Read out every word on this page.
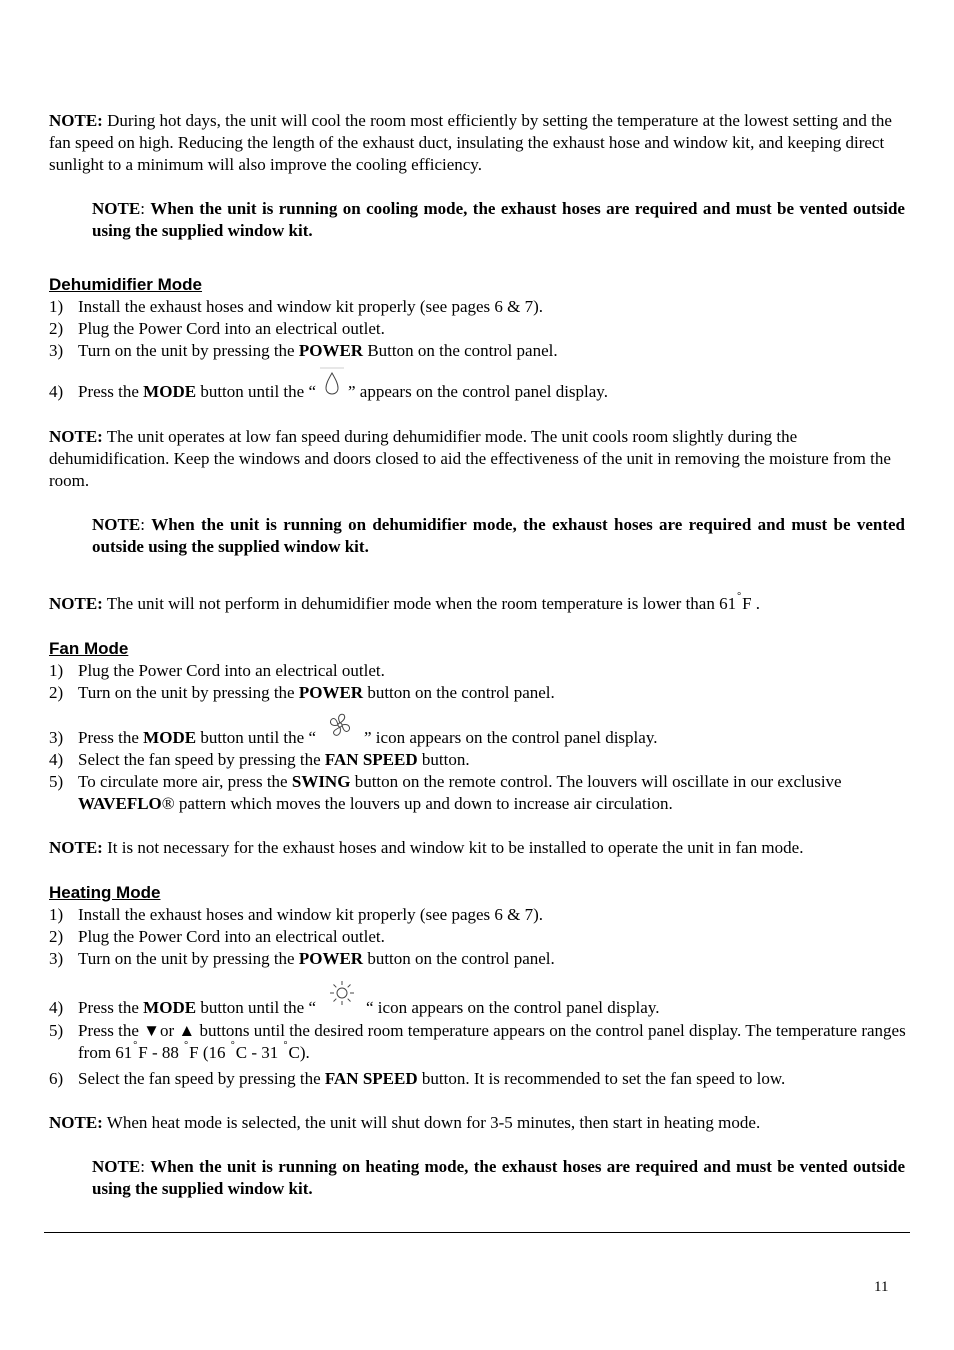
NOTE: During hot days, the unit will cool the room most efficiently by setting the temperature at the lowest setting and the fan speed on high. Reducing the length of the exhaust duct, insulating the exhaust hose and window kit, and keeping direct sunlight to a minimum will also improve the cooling efficiency.
NOTE: When the unit is running on cooling mode, the exhaust hoses are required and must be vented outside using the supplied window kit.
Dehumidifier Mode
1) Install the exhaust hoses and window kit properly (see pages 6 & 7).
2) Plug the Power Cord into an electrical outlet.
3) Turn on the unit by pressing the POWER Button on the control panel.
4) Press the MODE button until the “ ” appears on the control panel display.
NOTE: The unit operates at low fan speed during dehumidifier mode. The unit cools room slightly during the dehumidification. Keep the windows and doors closed to aid the effectiveness of the unit in removing the moisture from the room.
NOTE: When the unit is running on dehumidifier mode, the exhaust hoses are required and must be vented outside using the supplied window kit.
NOTE: The unit will not perform in dehumidifier mode when the room temperature is lower than 61°F .
Fan Mode
1) Plug the Power Cord into an electrical outlet.
2) Turn on the unit by pressing the POWER button on the control panel.
3) Press the MODE button until the “	” icon appears on the control panel display.
4) Select the fan speed by pressing the FAN SPEED button.
5) To circulate more air, press the SWING button on the remote control. The louvers will oscillate in our exclusive WAVEFLO® pattern which moves the louvers up and down to increase air circulation.
NOTE: It is not necessary for the exhaust hoses and window kit to be installed to operate the unit in fan mode.
Heating Mode
1) Install the exhaust hoses and window kit properly (see pages 6 & 7).
2) Plug the Power Cord into an electrical outlet.
3) Turn on the unit by pressing the POWER button on the control panel.
4) Press the MODE button until the “	“ icon appears on the control panel display.
5) Press the ▼or ▲ buttons until the desired room temperature appears on the control panel display. The temperature ranges from 61°F - 88 °F (16 °C - 31 °C).
6) Select the fan speed by pressing the FAN SPEED button. It is recommended to set the fan speed to low.
NOTE: When heat mode is selected, the unit will shut down for 3-5 minutes, then start in heating mode.
NOTE: When the unit is running on heating mode, the exhaust hoses are required and must be vented outside using the supplied window kit.
11
